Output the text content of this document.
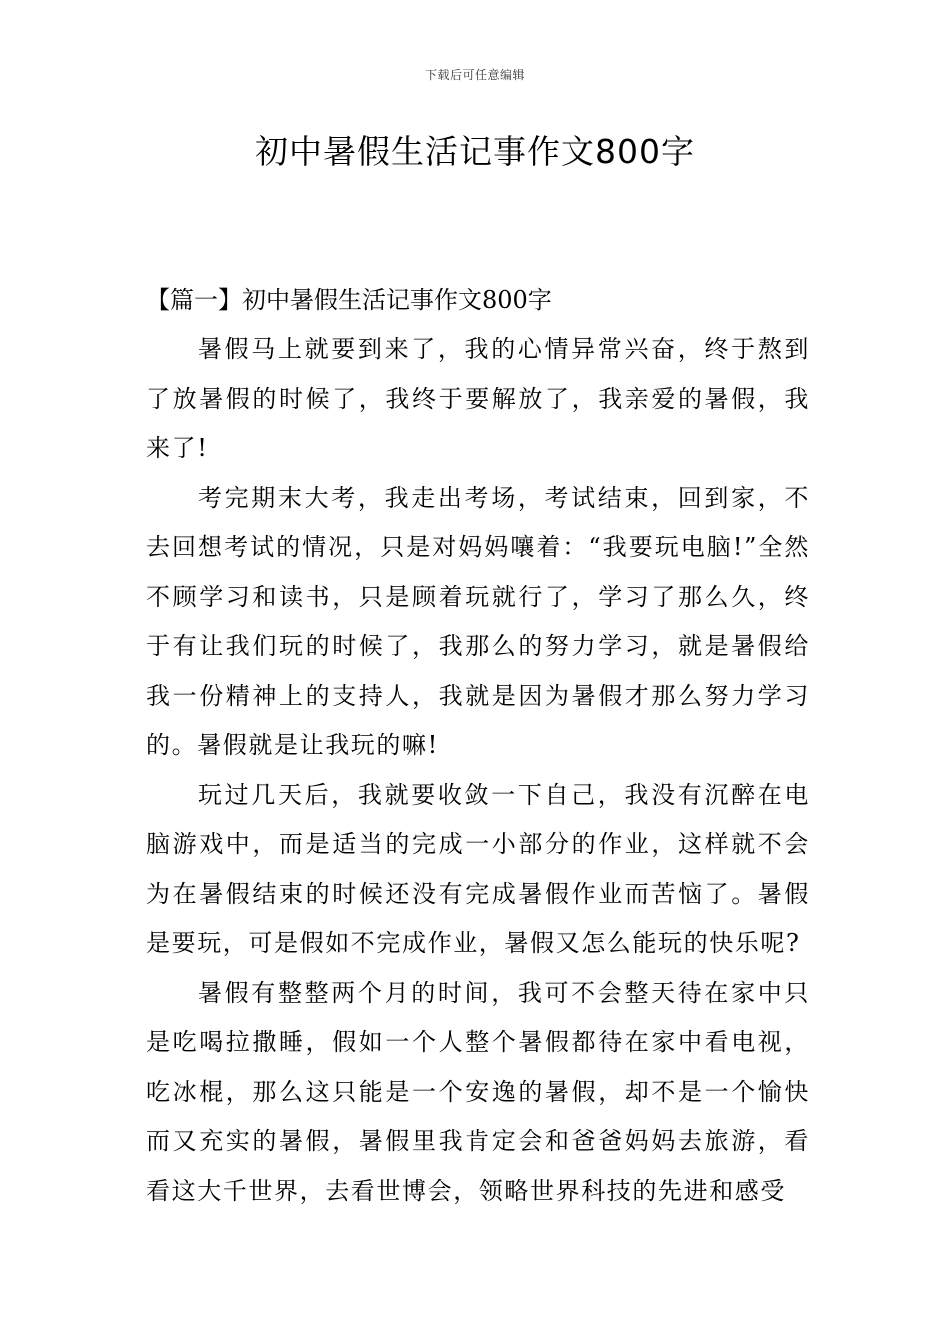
下载后可任意编辑
初中暑假生活记事作文800字

【篇一】初中暑假生活记事作文800字

暑假马上就要到来了，我的心情异常兴奋，终于熬到了放暑假的时候了，我终于要解放了，我亲爱的暑假，我来了!

考完期末大考，我走出考场，考试结束，回到家，不去回想考试的情况，只是对妈妈嚷着：“我要玩电脑!”全然不顾学习和读书，只是顾着玩就行了，学习了那么久，终于有让我们玩的时候了，我那么的努力学习，就是暑假给我一份精神上的支持人，我就是因为暑假才那么努力学习的。暑假就是让我玩的嘛!

玩过几天后，我就要收敛一下自己，我没有沉醉在电脑游戏中，而是适当的完成一小部分的作业，这样就不会为在暑假结束的时候还没有完成暑假作业而苦恼了。暑假是要玩，可是假如不完成作业，暑假又怎么能玩的快乐呢?

暑假有整整两个月的时间，我可不会整天待在家中只是吃喝拉撒睡，假如一个人整个暑假都待在家中看电视，吃冰棍，那么这只能是一个安逸的暑假，却不是一个愉快而又充实的暑假，暑假里我肯定会和爸爸妈妈去旅游，看看这大千世界，去看世博会，领略世界科技的先进和感受
